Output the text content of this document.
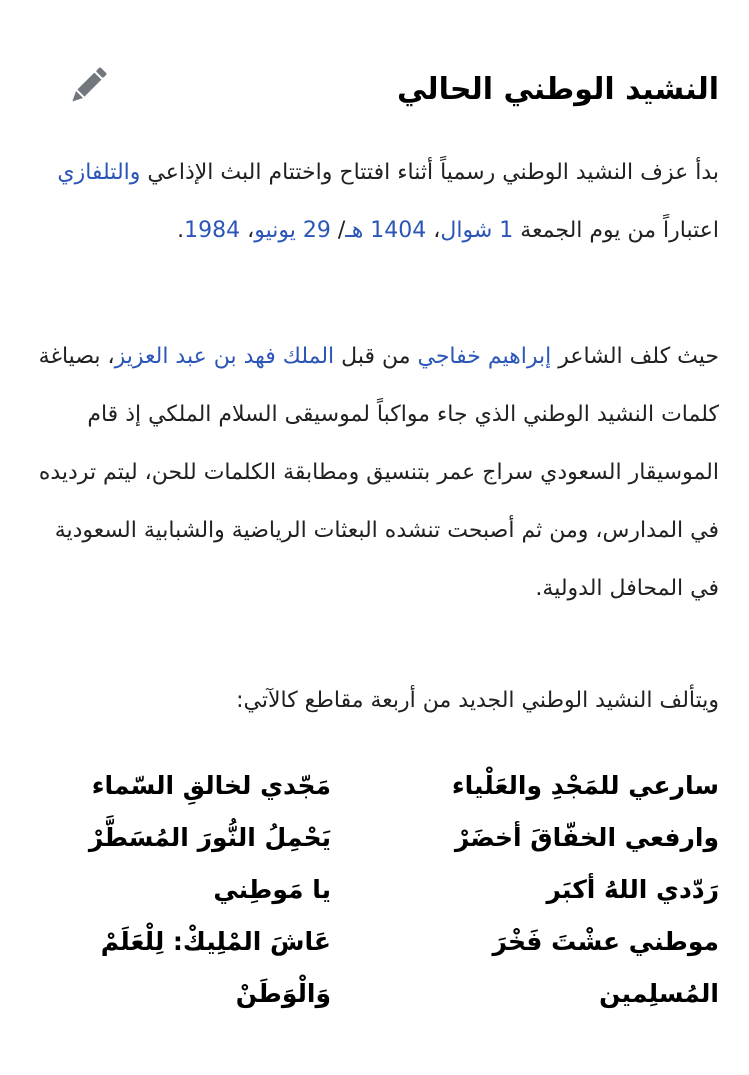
النشيد الوطني الحالي

بدأ عزف النشيد الوطني رسمياً أثناء افتتاح واختتام البث الإذاعي والتلفازي اعتباراً من يوم الجمعة 1 شوال، 1404 هـ/ 29 يونيو، 1984.

حيث كلف الشاعر إبراهيم خفاجي من قبل الملك فهد بن عبد العزيز، بصياغة كلمات النشيد الوطني الذي جاء مواكباً لموسيقى السلام الملكي إذ قام الموسيقار السعودي سراج عمر بتنسيق ومطابقة الكلمات للحن، ليتم ترديده في المدارس، ومن ثم أصبحت تنشده البعثات الرياضية والشبابية السعودية في المحافل الدولية.

ويتألف النشيد الوطني الجديد من أربعة مقاطع كالآتي:

سارعي للمَجْدِ والعَلْياء
وارفعي الخفّاقَ أخضَرْ
رَدّدي اللهُ أكبَر
موطني عشْتَ فَخْرَ
المُسلِمين
مَجّدي لخالقِ السّماء
يَحْمِلُ النُّورَ المُسَطَّرْ
يا مَوطِني
عَاشَ المْلِيكْ: لِلْعَلَمْ
وَالْوَطَنْ
